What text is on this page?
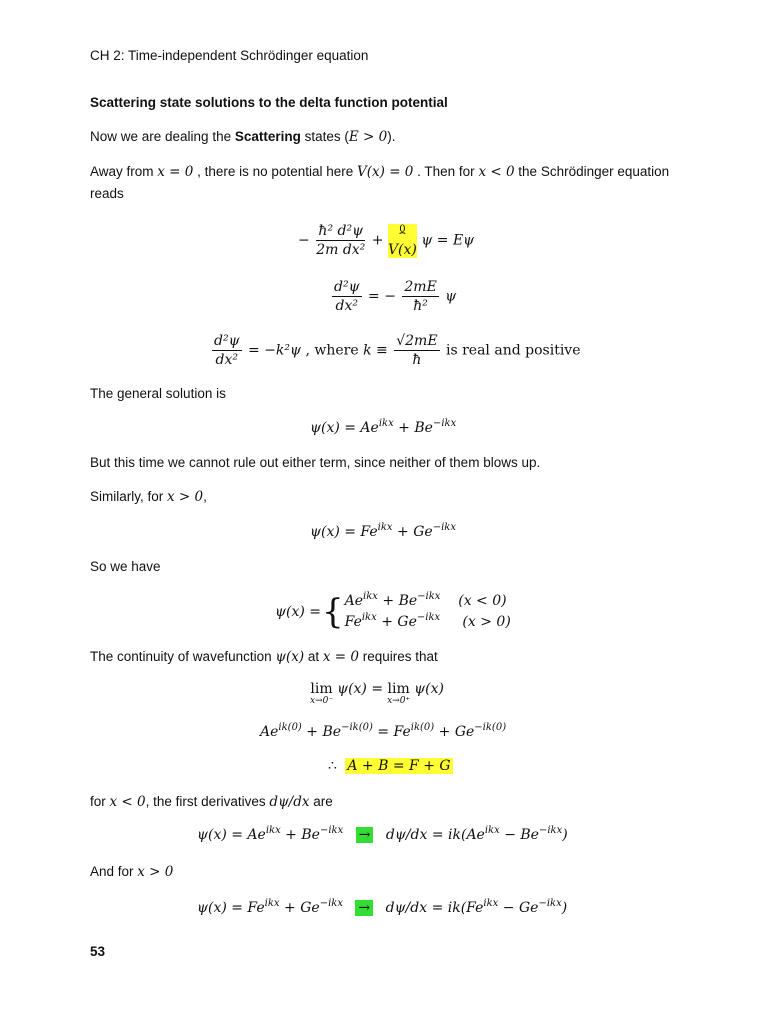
CH 2: Time-independent Schrödinger equation
Scattering state solutions to the delta function potential
Now we are dealing the Scattering states (E > 0).
Away from x = 0 , there is no potential here V(x) = 0 . Then for x < 0 the Schrödinger equation
reads
− $\frac{\text{ħ² d²ψ}}{\text{2m dx²}}$ +
0
⏞
V(x)
ψ = Eψ
$\frac{\text{d²ψ}}{\text{dx²}}$ = − $\frac{2mE}{\text{ħ²}}$ ψ
$\frac{\text{d²ψ}}{\text{dx²}} = -k^2\psi$ , where $k \equiv \frac{√2mE}{ħ}$ is real and positive
The general solution is
$\psi(x) = Ae^{ikx} + Be^{-ikx}$
But this time we cannot rule out either term, since neither of them blows up.
Similarly, for x > 0,
$\psi(x) = Fe^{ikx} + Ge^{-ikx}$
So we have
ψ(x) = { $Ae^{ikx} + Be^{-ikx}$ (x < 0)
$Fe^{ikx} + Ge^{-ikx}$ (x > 0)
The continuity of wavefunction ψ(x) at x = 0 requires that
lim
x→0⁻
ψ(x) = lim
x→0⁺
ψ(x)
$Ae^{ik(0)} + Be^{-ik(0)} = Fe^{ik(0)} + Ge^{-ik(0)}$
∴ A + B = F + G
for x < 0, the first derivatives dψ/dx are
$\psi(x) = Ae^{ikx} + Be^{-ikx} \to d\psi/dx = ik(Ae^{ikx} - Be^{-ikx})$
And for x > 0
$\psi(x) = Fe^{ikx} + Ge^{-ikx} \to d\psi/dx = ik(Fe^{ikx} - Ge^{-ikx})$
53
